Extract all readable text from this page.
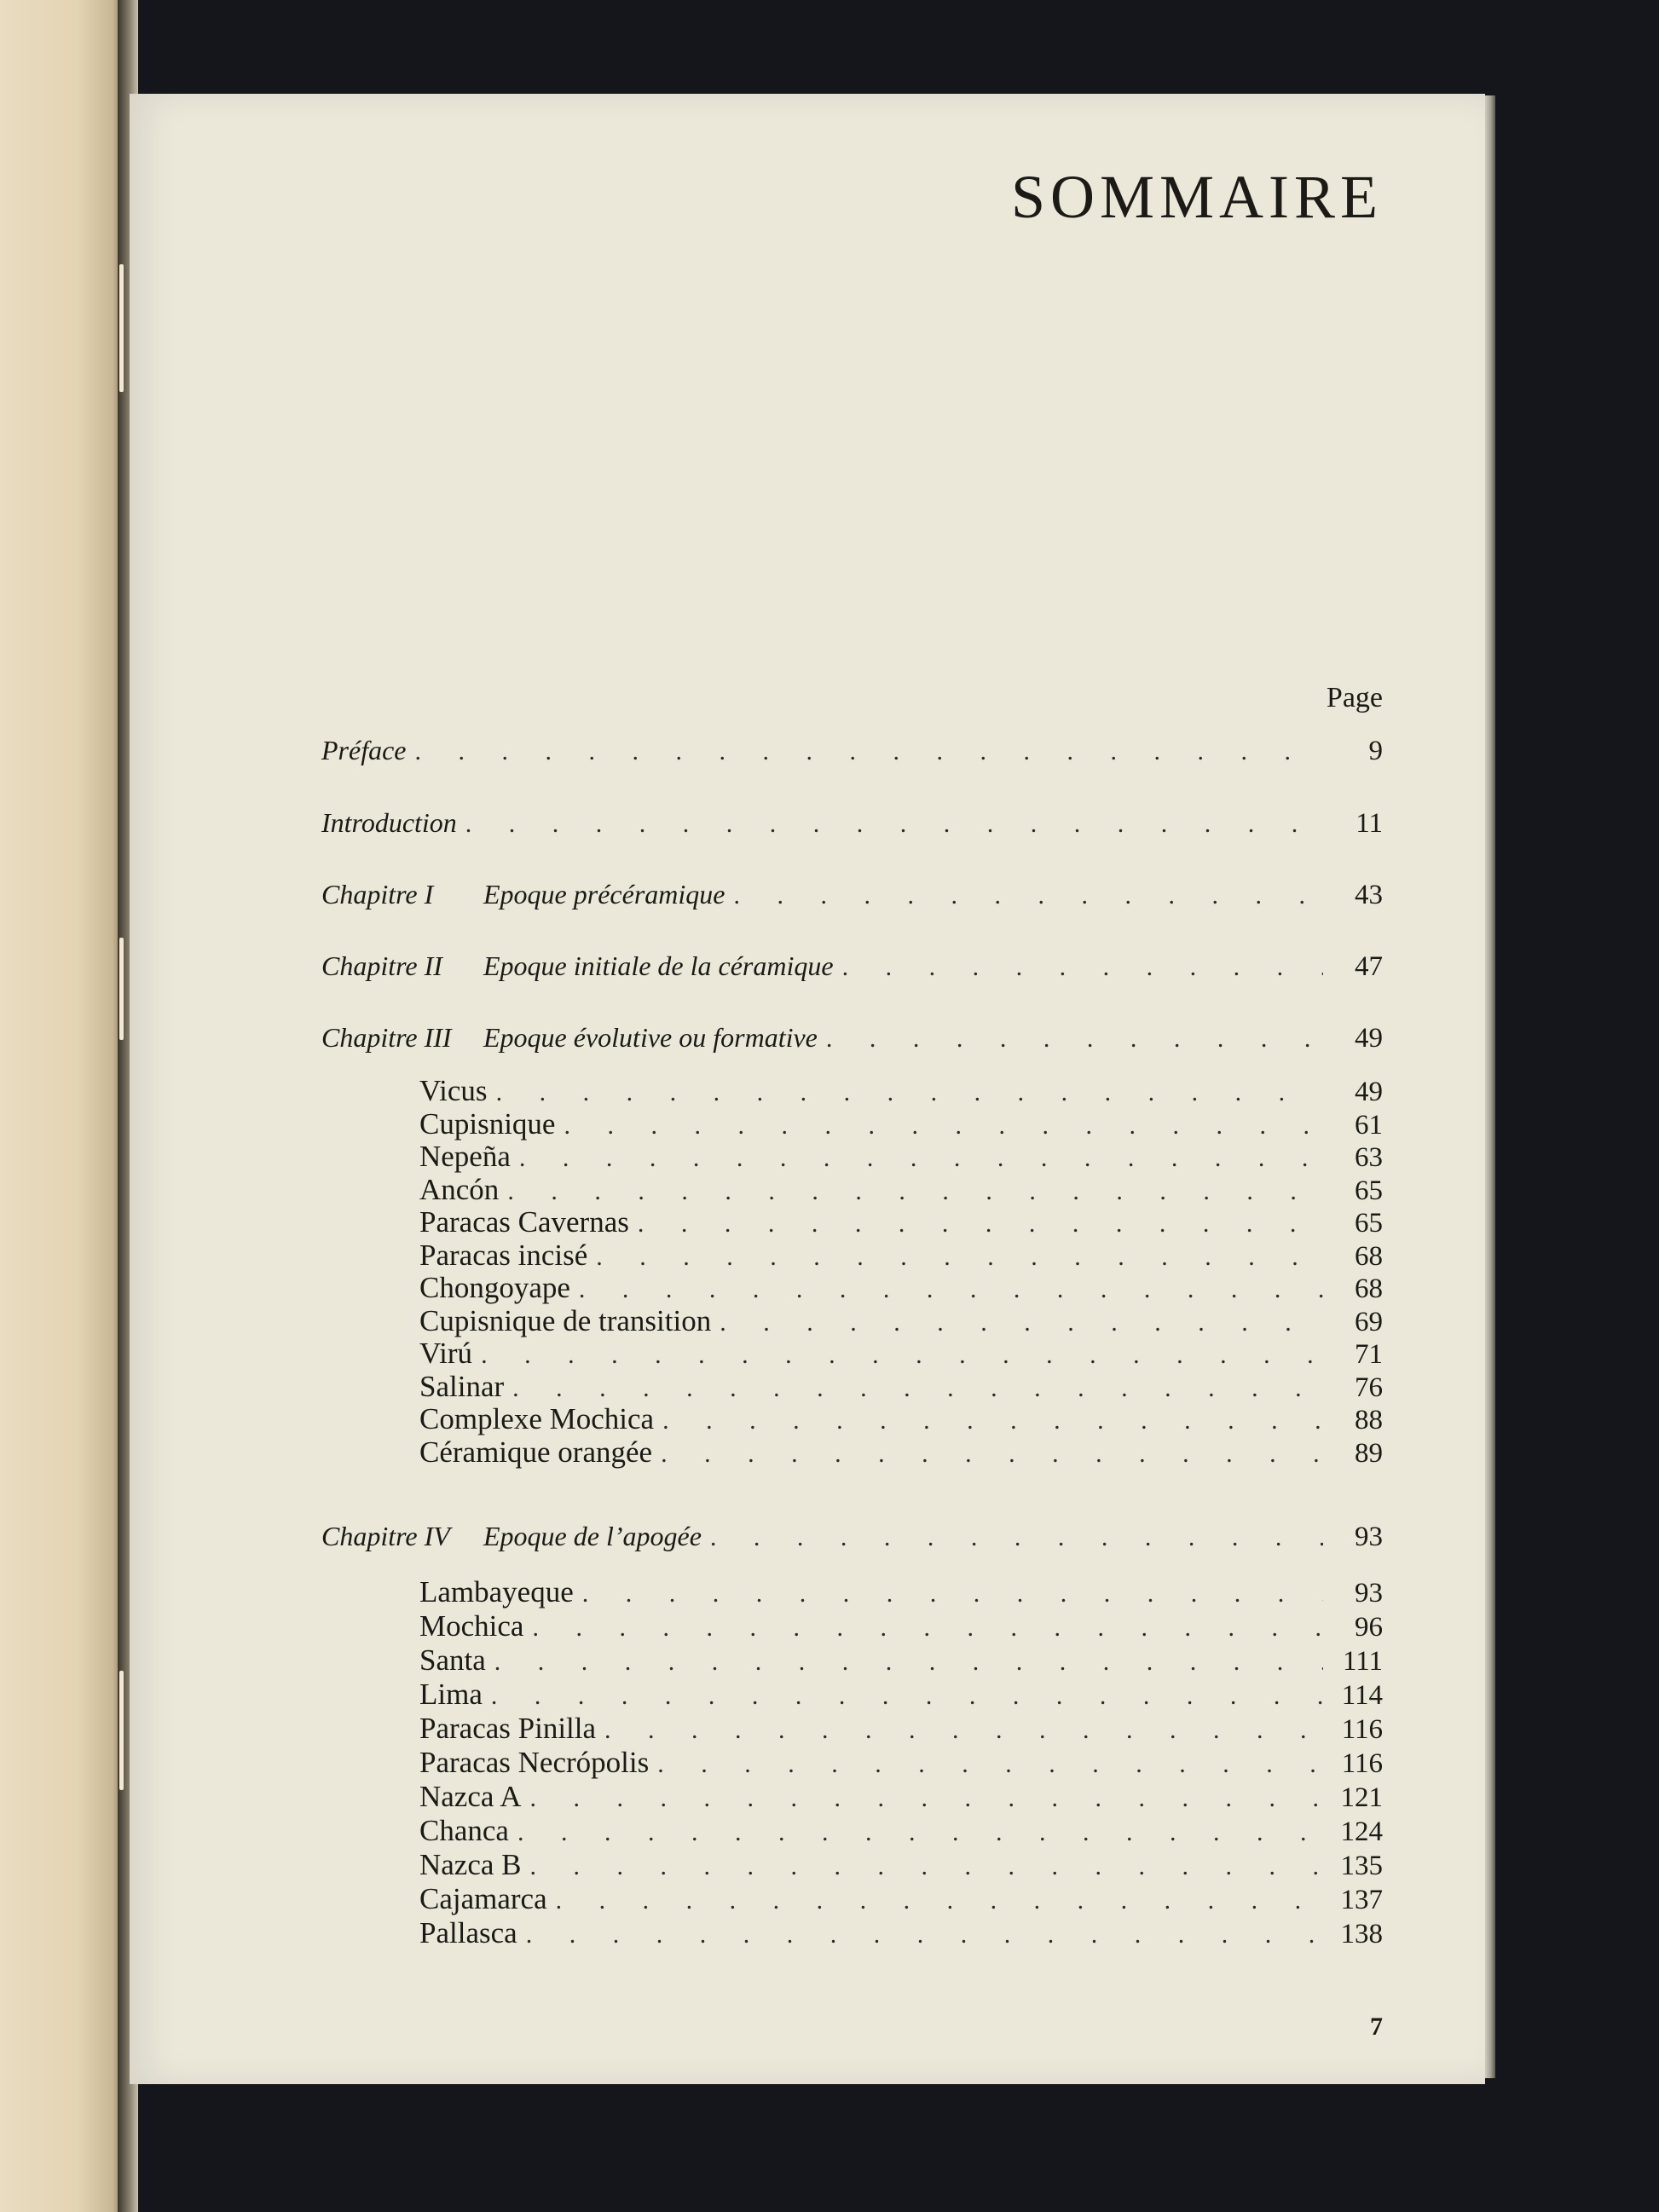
SOMMAIRE
Page
Préface . . .	9
Introduction . . .	11
Chapitre I	Epoque précéramique . . .	43
Chapitre II	Epoque initiale de la céramique . . .	47
Chapitre III	Epoque évolutive ou formative . . .	49
Vicus . . .	49
Cupisnique . . .	61
Nepeña . . .	63
Ancón . . .	65
Paracas Cavernas . . .	65
Paracas incisé . . .	68
Chongoyape . . .	68
Cupisnique de transition . . .	69
Virú . . .	71
Salinar . . .	76
Complexe Mochica . . .	88
Céramique orangée . . .	89
Chapitre IV	Epoque de l’apogée . . .	93
Lambayeque . . .	93
Mochica . . .	96
Santa . . .	111
Lima . . .	114
Paracas Pinilla . . .	116
Paracas Necrópolis . . .	116
Nazca A . . .	121
Chanca . . .	124
Nazca B . . .	135
Cajamarca . . .	137
Pallasca . . .	138
7
